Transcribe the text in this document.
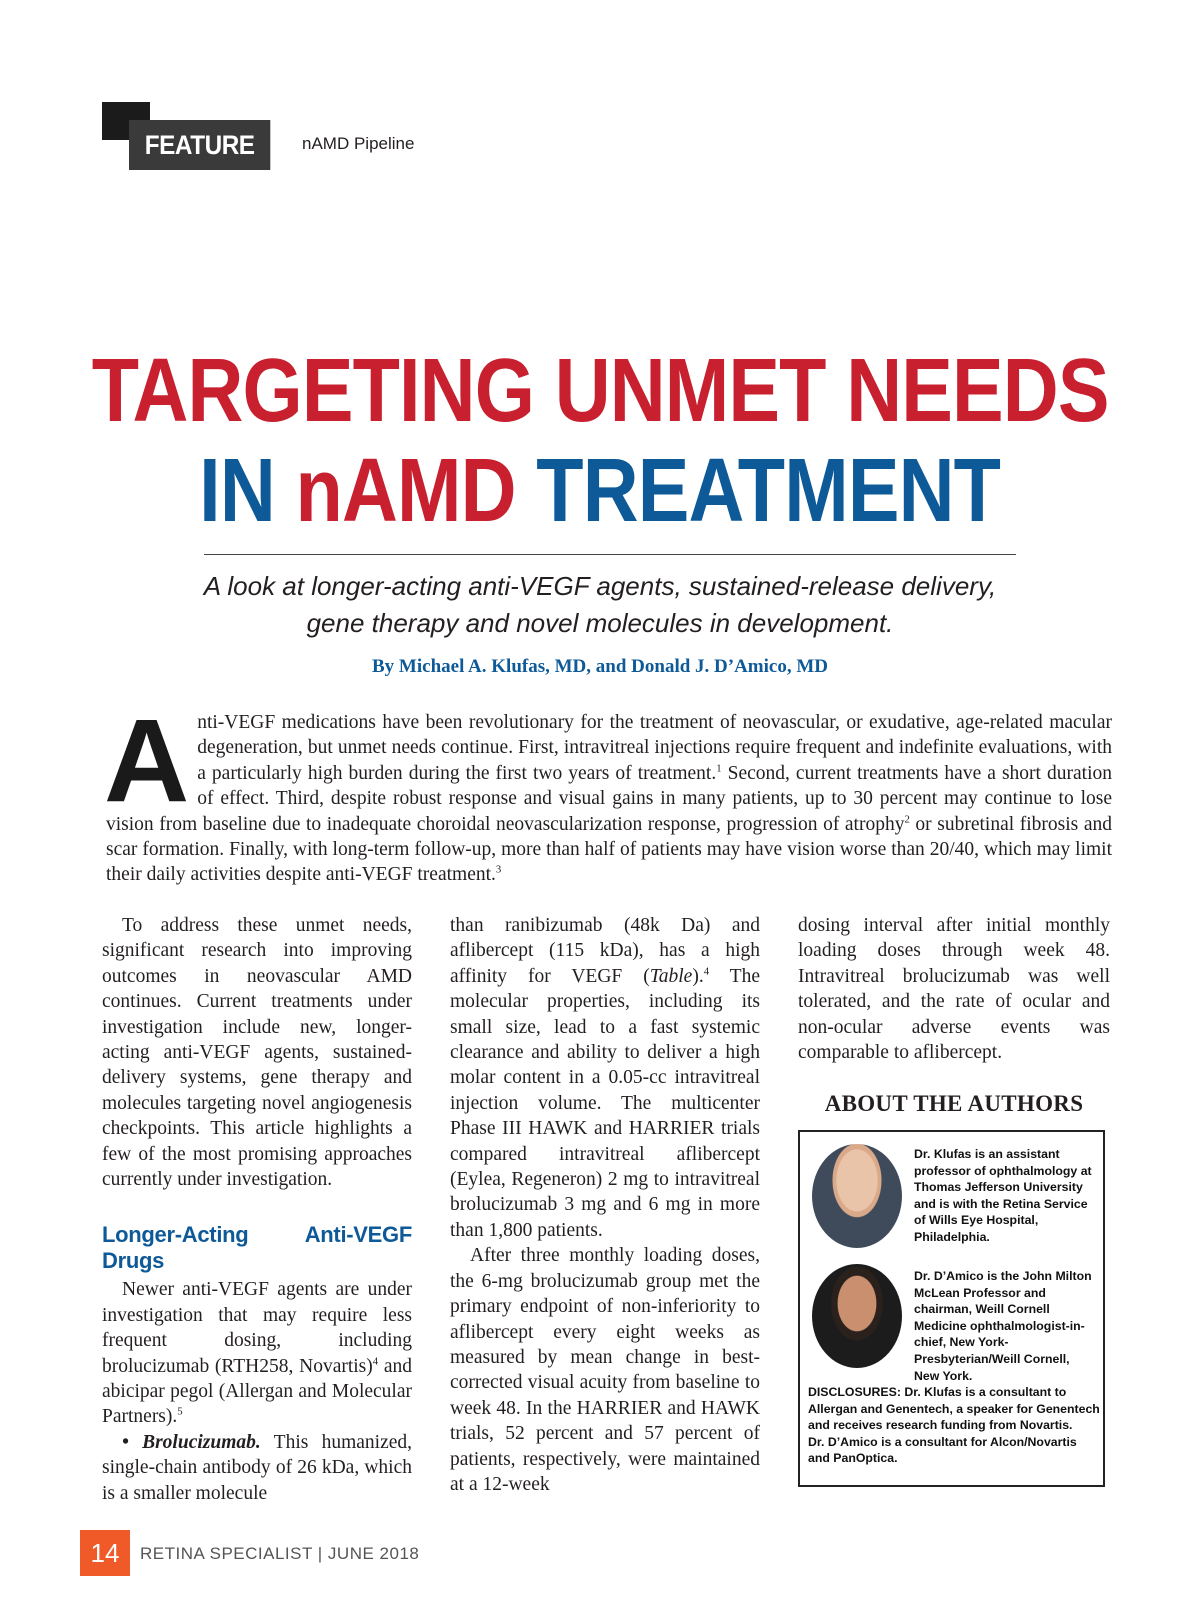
FEATURE	nAMD Pipeline
TARGETING UNMET NEEDS
IN nAMD TREATMENT
A look at longer-acting anti-VEGF agents, sustained-release delivery,
gene therapy and novel molecules in development.
By Michael A. Klufas, MD, and Donald J. D’Amico, MD

Anti-VEGF medications have been revolutionary for the treatment of neovascular, or exudative, age-related macular degeneration, but unmet needs continue. First, intravitreal injections require frequent and indefinite evaluations, with a particularly high burden during the first two years of treatment.$^1$ Second, current treatments have a short duration of effect. Third, despite robust response and visual gains in many patients, up to 30 percent may continue to lose vision from baseline due to inadequate choroidal neovascularization response, progression of atrophy$^2$ or subretinal fibrosis and scar formation. Finally, with long-term follow-up, more than half of patients may have vision worse than 20/40, which may limit their daily activities despite anti-VEGF treatment.$^3$

To address these unmet needs, significant research into improving outcomes in neovascular AMD continues. Current treatments under investigation include new, longer-acting anti-VEGF agents, sustained-delivery systems, gene therapy and molecules targeting novel angiogenesis checkpoints. This article highlights a few of the most promising approaches currently under investigation.

Longer-Acting Anti-VEGF Drugs

Newer anti-VEGF agents are under investigation that may require less frequent dosing, including brolucizumab (RTH258, Novartis)$^4$ and abicipar pegol (Allergan and Molecular Partners).$^5$

• Brolucizumab. This humanized, single-chain antibody of 26 kDa, which is a smaller molecule

than ranibizumab (48k Da) and aflibercept (115 kDa), has a high affinity for VEGF (Table).$^4$ The molecular properties, including its small size, lead to a fast systemic clearance and ability to deliver a high molar content in a 0.05-cc intravitreal injection volume. The multicenter Phase III HAWK and HARRIER trials compared intravitreal aflibercept (Eylea, Regeneron) 2 mg to intravitreal brolucizumab 3 mg and 6 mg in more than 1,800 patients.

After three monthly loading doses, the 6-mg brolucizumab group met the primary endpoint of non-inferiority to aflibercept every eight weeks as measured by mean change in best-corrected visual acuity from baseline to week 48. In the HARRIER and HAWK trials, 52 percent and 57 percent of patients, respectively, were maintained at a 12-week

dosing interval after initial monthly loading doses through week 48. Intravitreal brolucizumab was well tolerated, and the rate of ocular and non-ocular adverse events was comparable to aflibercept.

ABOUT THE AUTHORS
Dr. Klufas is an assistant professor of ophthalmology at Thomas Jefferson University and is with the Retina Service of Wills Eye Hospital, Philadelphia.
Dr. D’Amico is the John Milton McLean Professor and chairman, Weill Cornell Medicine ophthalmologist-in-chief, New York-Presbyterian/Weill Cornell, New York.
DISCLOSURES: Dr. Klufas is a consultant to Allergan and Genentech, a speaker for Genentech and receives research funding from Novartis.
Dr. D’Amico is a consultant for Alcon/Novartis and PanOptica.
14	RETINA SPECIALIST | JUNE 2018
